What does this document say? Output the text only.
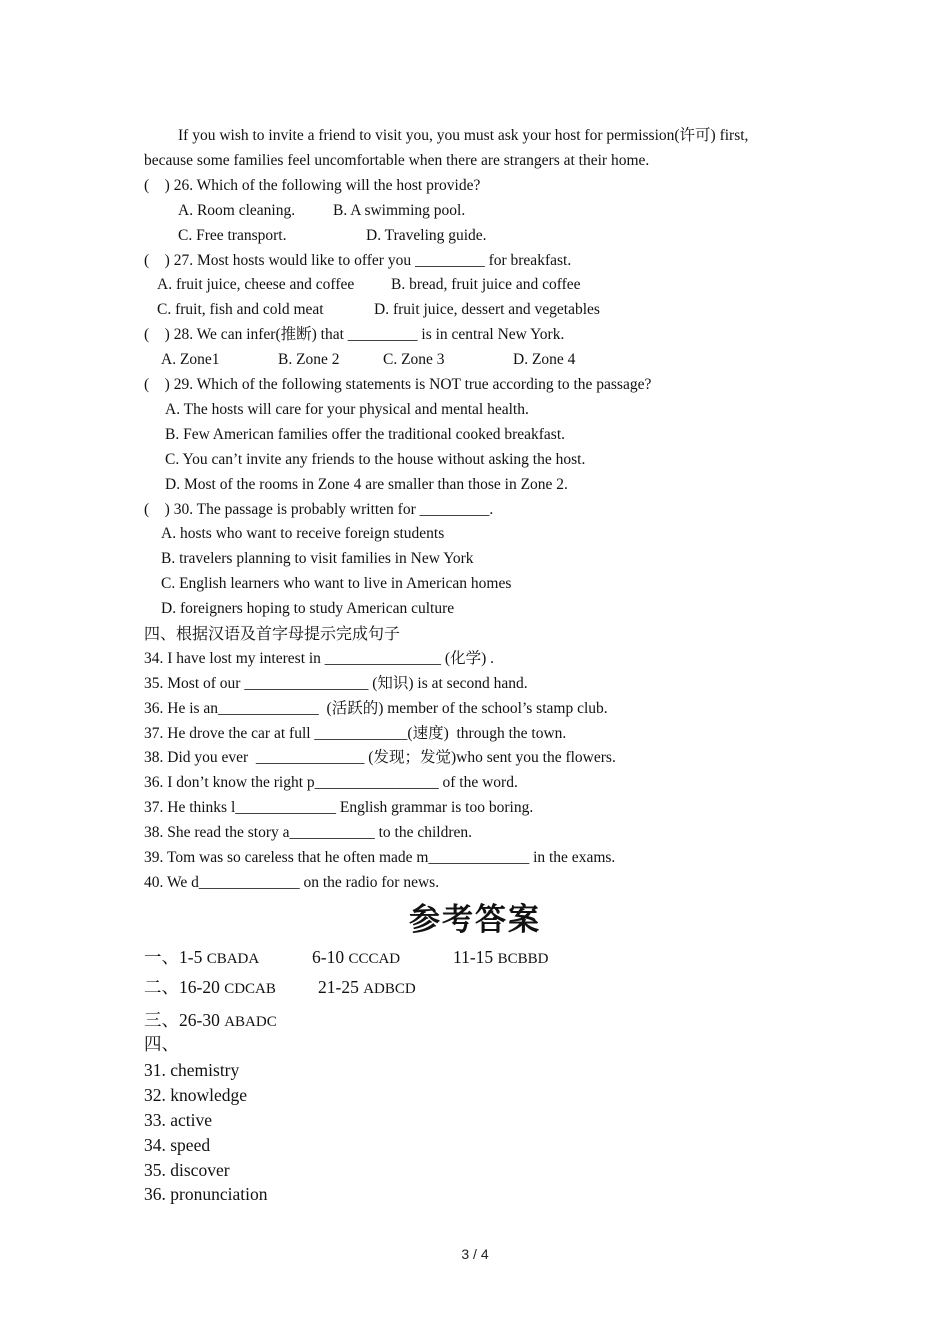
If you wish to invite a friend to visit you, you must ask your host for permission(许可) first,
because some families feel uncomfortable when there are strangers at their home.
(    ) 26. Which of the following will the host provide?
A. Room cleaning. B. A swimming pool.
C. Free transport.	D. Traveling guide.
(    ) 27. Most hosts would like to offer you _________ for breakfast.
A. fruit juice, cheese and coffee B. bread, fruit juice and coffee
C. fruit, fish and cold meat	D. fruit juice, dessert and vegetables
(    ) 28. We can infer(推断) that _________ is in central New York.
A. Zone1	B. Zone 2	C. Zone 3	D. Zone 4
(    ) 29. Which of the following statements is NOT true according to the passage?
A. The hosts will care for your physical and mental health.
B. Few American families offer the traditional cooked breakfast.
C. You can’t invite any friends to the house without asking the host.
D. Most of the rooms in Zone 4 are smaller than those in Zone 2.
(    ) 30. The passage is probably written for _________.
A. hosts who want to receive foreign students
B. travelers planning to visit families in New York
C. English learners who want to live in American homes
D. foreigners hoping to study American culture
四、根据汉语及首字母提示完成句子
34. I have lost my interest in _______________ (化学) .
35. Most of our ________________ (知识) is at second hand.
36. He is an_____________  (活跃的) member of the school’s stamp club.
37. He drove the car at full ____________(速度)  through the town.
38. Did you ever  ______________ (发现；发觉)who sent you the flowers.
36. I don’t know the right p________________ of the word.
37. He thinks l_____________ English grammar is too boring.
38. She read the story a___________ to the children.
39. Tom was so careless that he often made m_____________ in the exams.
40. We d_____________ on the radio for news.
参考答案
一、1-5 CBADA	6-10 CCCAD	11-15 BCBBD
二、16-20 CDCAB 21-25 ADBCD
三、26-30 ABADC
四、
31. chemistry
32. knowledge
33. active
34. speed
35. discover
36. pronunciation
3 / 4
